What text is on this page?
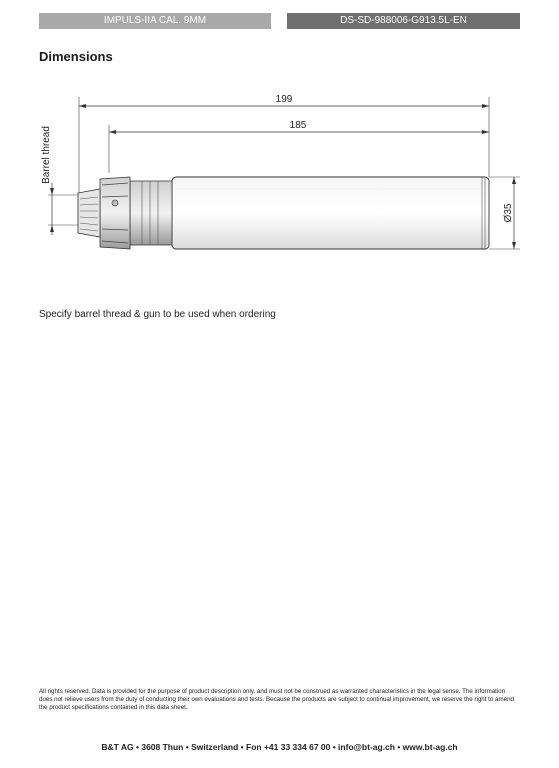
IMPULS-IIA CAL. 9MM	DS-SD-988006-G913.5L-EN
Dimensions
199
185
Ø35
Barrel thread
Specify barrel thread & gun to be used when ordering
All rights reserved. Data is provided for the purpose of product description only, and must not be construed as warranted characteristics in the legal sense. The information does not relieve users from the duty of conducting their own evaluations and tests. Because the products are subject to continual improvement, we reserve the right to amend the product specifications contained in this data sheet.
B&T AG • 3608 Thun • Switzerland • Fon +41 33 334 67 00 • info@bt-ag.ch • www.bt-ag.ch
